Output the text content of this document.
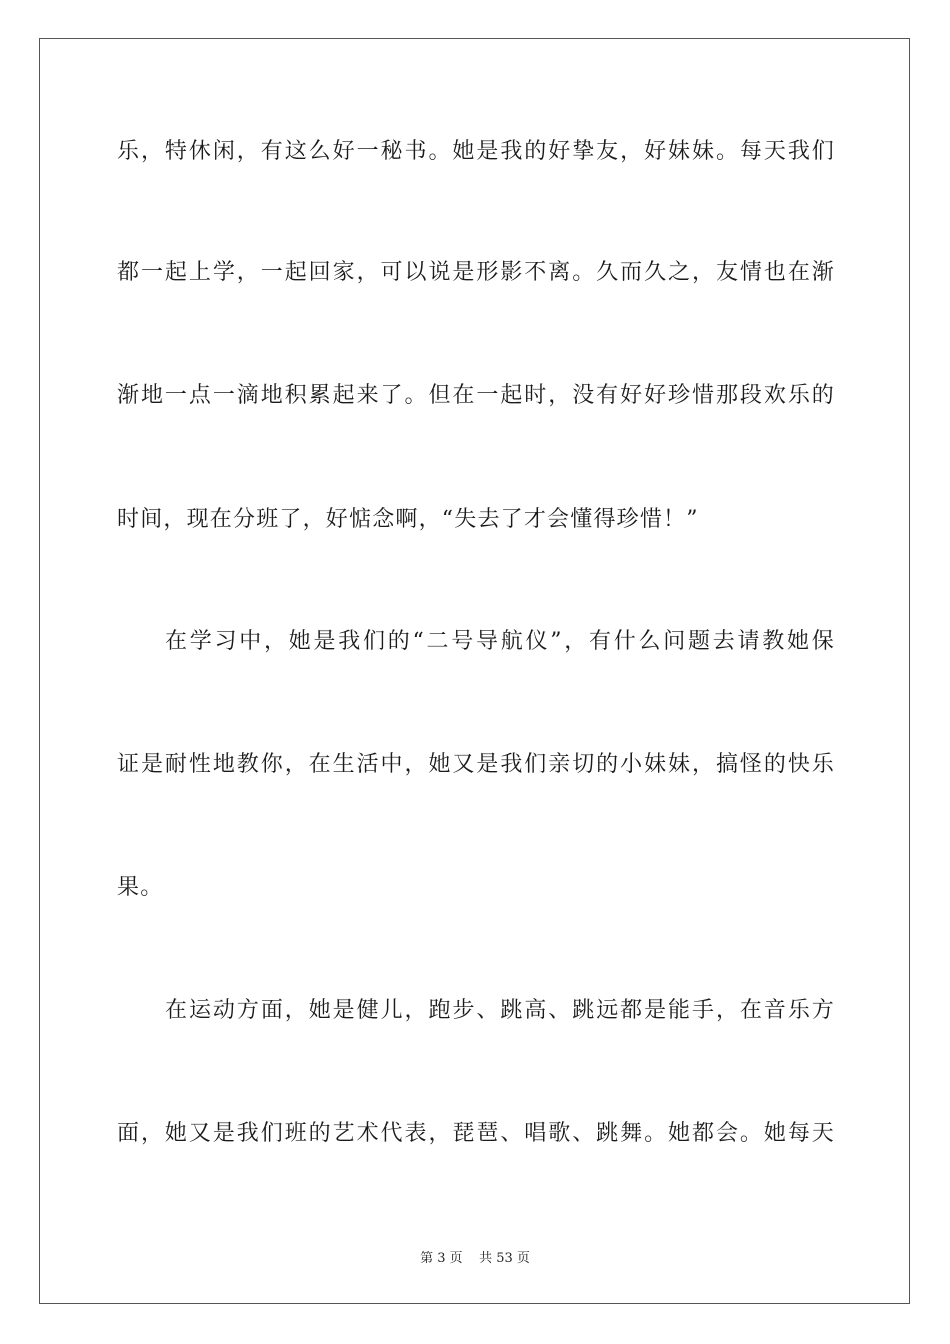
乐，特休闲，有这么好一秘书。她是我的好挚友，好妹妹。每天我们
都一起上学，一起回家，可以说是形影不离。久而久之，友情也在渐
渐地一点一滴地积累起来了。但在一起时，没有好好珍惜那段欢乐的
时间，现在分班了，好惦念啊，“失去了才会懂得珍惜！”
在学习中，她是我们的“二号导航仪”，有什么问题去请教她保
证是耐性地教你，在生活中，她又是我们亲切的小妹妹，搞怪的快乐
果。
在运动方面，她是健儿，跑步、跳高、跳远都是能手，在音乐方
面，她又是我们班的艺术代表，琵琶、唱歌、跳舞。她都会。她每天
第 3 页    共 53 页
